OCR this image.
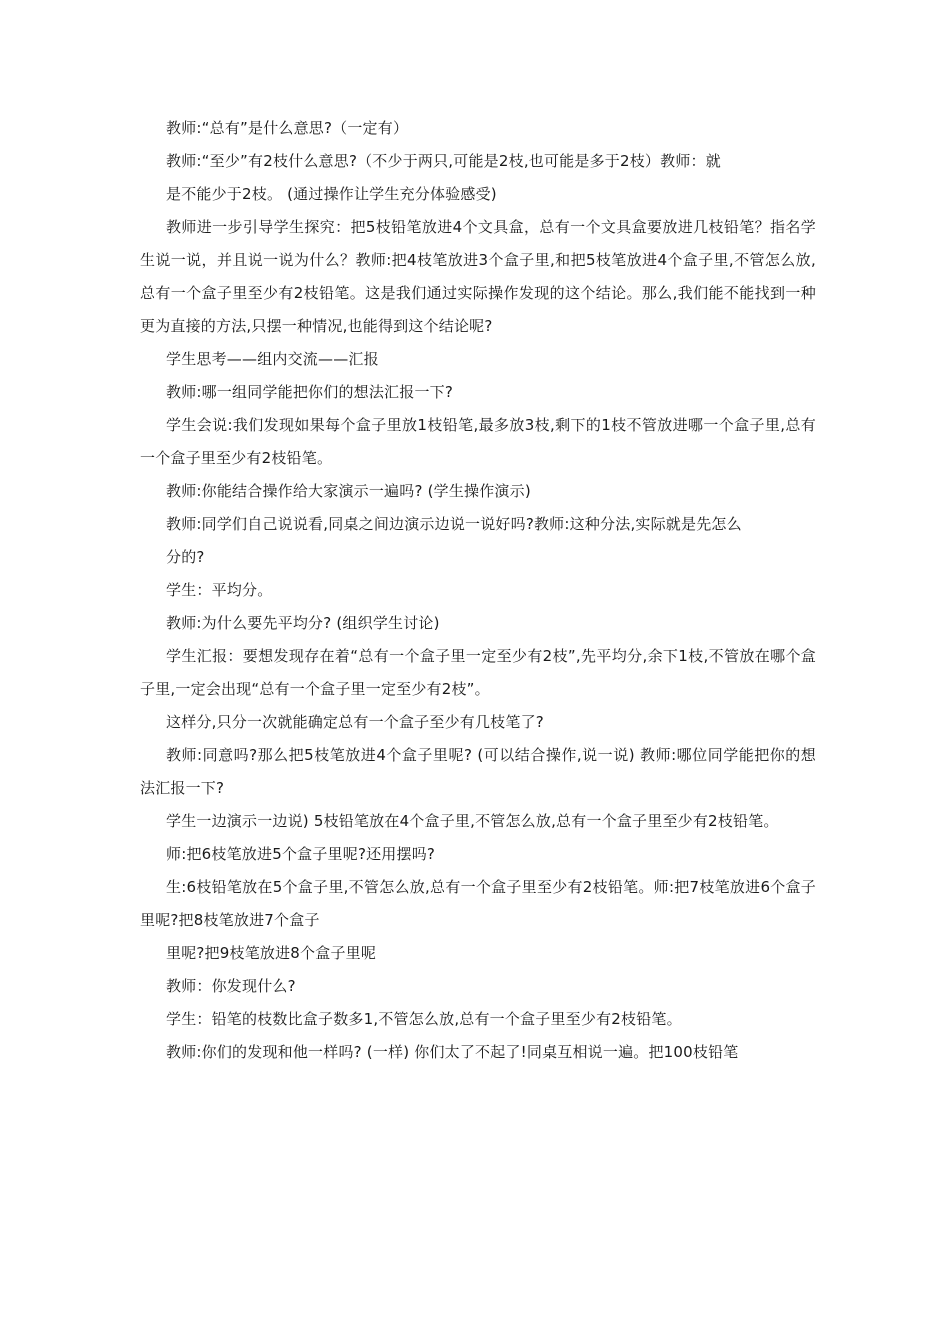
教师:“总有”是什么意思?（一定有）

教师:“至少”有2枝什么意思?（不少于两只,可能是2枝,也可能是多于2枝）教师：就

是不能少于2枝。 (通过操作让学生充分体验感受)

教师进一步引导学生探究：把5枝铅笔放进4个文具盒，总有一个文具盒要放进几枝铅笔？指名学生说一说，并且说一说为什么？教师:把4枝笔放进3个盒子里,和把5枝笔放进4个盒子里,不管怎么放,总有一个盒子里至少有2枝铅笔。这是我们通过实际操作发现的这个结论。那么,我们能不能找到一种更为直接的方法,只摆一种情况,也能得到这个结论呢?

学生思考——组内交流——汇报

教师:哪一组同学能把你们的想法汇报一下?

学生会说:我们发现如果每个盒子里放1枝铅笔,最多放3枝,剩下的1枝不管放进哪一个盒子里,总有一个盒子里至少有2枝铅笔。

教师:你能结合操作给大家演示一遍吗? (学生操作演示)

教师:同学们自己说说看,同桌之间边演示边说一说好吗?教师:这种分法,实际就是先怎么

分的?

学生：平均分。

教师:为什么要先平均分? (组织学生讨论)

学生汇报：要想发现存在着“总有一个盒子里一定至少有2枝”,先平均分,余下1枝,不管放在哪个盒子里,一定会出现“总有一个盒子里一定至少有2枝”。

这样分,只分一次就能确定总有一个盒子至少有几枝笔了?

教师:同意吗?那么把5枝笔放进4个盒子里呢? (可以结合操作,说一说) 教师:哪位同学能把你的想法汇报一下?

学生一边演示一边说) 5枝铅笔放在4个盒子里,不管怎么放,总有一个盒子里至少有2枝铅笔。

师:把6枝笔放进5个盒子里呢?还用摆吗?

生:6枝铅笔放在5个盒子里,不管怎么放,总有一个盒子里至少有2枝铅笔。师:把7枝笔放进6个盒子里呢?把8枝笔放进7个盒子

里呢?把9枝笔放进8个盒子里呢

教师：你发现什么?

学生：铅笔的枝数比盒子数多1,不管怎么放,总有一个盒子里至少有2枝铅笔。

教师:你们的发现和他一样吗? (一样) 你们太了不起了!同桌互相说一遍。把100枝铅笔
